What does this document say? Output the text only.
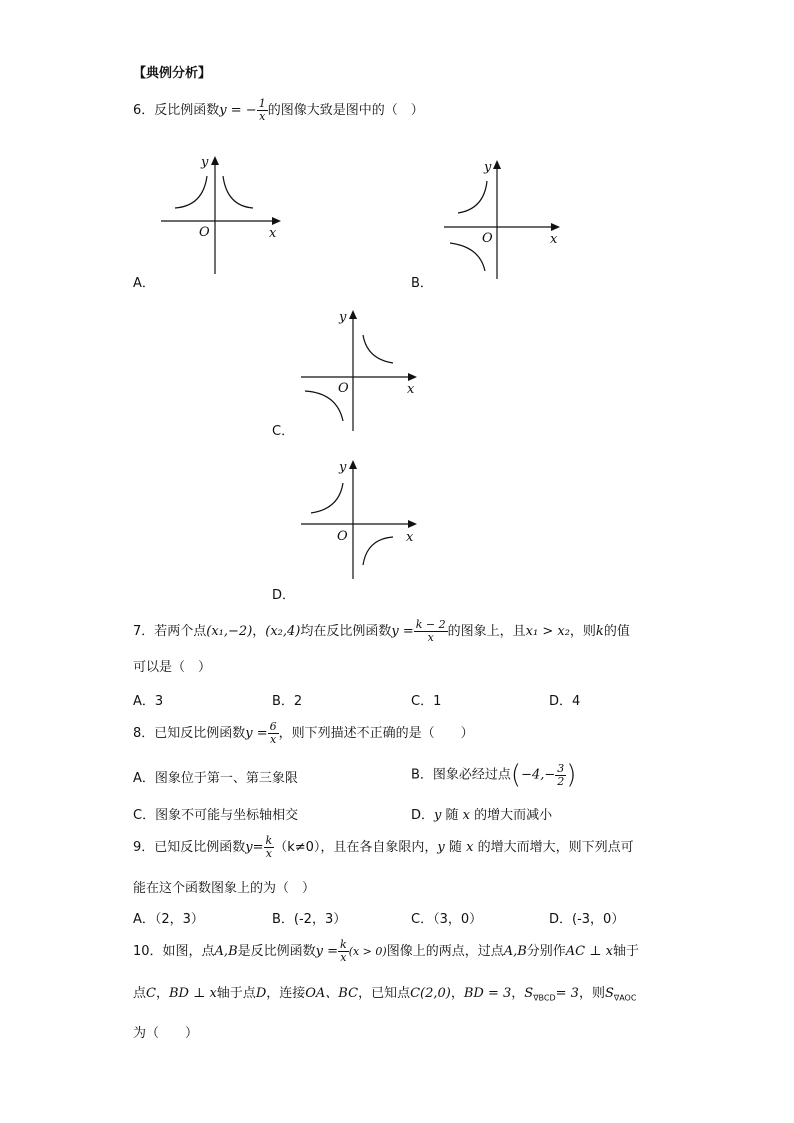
【典例分析】
6．反比例函数y = − $\frac{1}{x}$ 的图像大致是图中的（　）
O	x
y
A．
O	x
y
B．
O	x
y
C．
O	x
y
D．
7．若两个点(x₁,−2)，(x₂,4)均在反比例函数$y = \frac{k - 2}{x}$ 的图象上，且x₁ > x₂，则k的值
可以是（　）
A．3	B．2	C．1	D．4
8．已知反比例函数$y = \frac{6}{x}$ ，则下列描述不正确的是（　　）
A．图象位于第一、第三象限	B．图象必经过点($-4,- \frac{3}{2}$ )
C．图象不可能与坐标轴相交	D．y 随 x 的增大而减小
9．已知反比例函数$y= \frac{k}{x} (k\ne 0)$，且在各自象限内，y 随 x 的增大而增大，则下列点可
能在这个函数图象上的为（　）
A．（2，3）	B．(-2，3）	C．（3，0）	D．(-3，0）
10．如图，点A,B是反比例函数$y = \frac{k}{x} (x > 0)$图像上的两点，过点A,B分别作AC ⊥ x轴于
点C，BD ⊥ x轴于点D，连接OA、BC，已知点C(2,0)，BD = 3，$S_{\nabla BCD}= 3$，则$S_{\nabla AOC}$
为（　　）
